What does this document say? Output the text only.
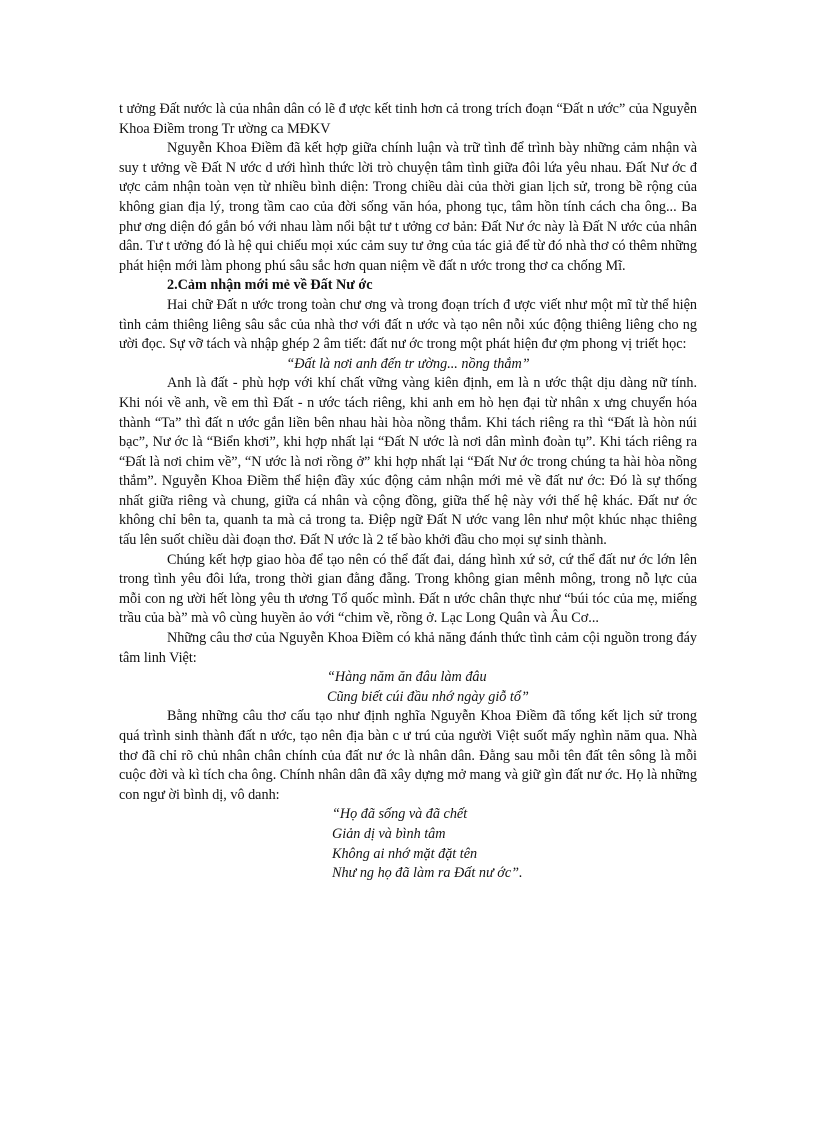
t ưởng Đất nước là của nhân dân có lẽ đ ược kết tinh hơn cả trong trích đoạn “Đất n ước” của Nguyễn Khoa Điềm trong Tr ường ca MĐKV

Nguyễn Khoa Điềm đã kết hợp giữa chính luận và trữ tình để trình bày những cảm nhận và suy t ưởng về Đất N ước d ưới hình thức lời trò chuyện tâm tình giữa đôi lứa yêu nhau. Đất Nư ớc đ ược cảm nhận toàn vẹn từ nhiều bình diện: Trong chiều dài của thời gian lịch sử, trong bề rộng của không gian địa lý, trong tầm cao của đời sống văn hóa, phong tục, tâm hồn tính cách cha ông... Ba phư ơng diện đó gắn bó với nhau làm nổi bật tư t ưởng cơ bản: Đất Nư ớc này là Đất N ước của nhân dân. Tư t ưởng đó là hệ qui chiếu mọi xúc cảm suy tư ởng của tác giả để từ đó nhà thơ có thêm những phát hiện mới làm phong phú sâu sắc hơn quan niệm về đất n ước trong thơ ca chống Mĩ.

2.Cảm nhận mới mẻ về Đất Nư ớc

Hai chữ Đất n ước trong toàn chư ơng và trong đoạn trích đ ược viết như một mĩ từ thể hiện tình cảm thiêng liêng sâu sắc của nhà thơ với đất n ước và tạo nên nỗi xúc động thiêng liêng cho ng ười đọc. Sự vỡ tách và nhập ghép 2 âm tiết: đất nư ớc trong một phát hiện đư ợm phong vị triết học:

“Đất là nơi anh đến tr ường... nồng thắm”

Anh là đất - phù hợp với khí chất vững vàng kiên định, em là n ước thật dịu dàng nữ tính. Khi nói về anh, về em thì Đất - n ước tách riêng, khi anh em hò hẹn đại từ nhân x ưng chuyển hóa thành “Ta” thì đất n ước gắn liền bên nhau hài hòa nồng thắm. Khi tách riêng ra thì “Đất là hòn núi bạc”, Nư ớc là “Biển khơi”, khi hợp nhất lại “Đất N ước là nơi dân mình đoàn tụ”. Khi tách riêng ra “Đất là nơi chim về”, “N ước là nơi rồng ở” khi hợp nhất lại “Đất Nư ớc trong chúng ta hài hòa nồng thắm”. Nguyễn Khoa Điềm thể hiện đầy xúc động cảm nhận mới mẻ về đất nư ớc: Đó là sự thống nhất giữa riêng và chung, giữa cá nhân và cộng đồng, giữa thế hệ này với thế hệ khác. Đất nư ớc không chỉ bên ta, quanh ta mà cả trong ta. Điệp ngữ Đất N ước vang lên như một khúc nhạc thiêng tấu lên suốt chiều dài đoạn thơ. Đất N ước là 2 tế bào khởi đầu cho mọi sự sinh thành.

Chúng kết hợp giao hòa để tạo nên có thể đất đai, dáng hình xứ sở, cứ thể đất nư ớc lớn lên trong tình yêu đôi lứa, trong thời gian đằng đẵng. Trong không gian mênh mông, trong nỗ lực của mỗi con ng ười hết lòng yêu th ương Tổ quốc mình. Đất n ước chân thực như “búi tóc của mẹ, miếng trầu của bà” mà vô cùng huyền ảo với “chim về, rồng ở. Lạc Long Quân và Âu Cơ...

Những câu thơ của Nguyễn Khoa Điềm có khả năng đánh thức tình cảm cội nguồn trong đáy tâm linh Việt:

“Hàng năm ăn đâu làm đâu
Cũng biết cúi đầu nhớ ngày giỗ tổ”

Bằng những câu thơ cấu tạo như định nghĩa Nguyễn Khoa Điềm đã tổng kết lịch sử trong quá trình sinh thành đất n ước, tạo nên địa bàn c ư trú của người Việt suốt mấy nghìn năm qua. Nhà thơ đã chỉ rõ chủ nhân chân chính của đất nư ớc là nhân dân. Đằng sau mỗi tên đất tên sông là mỗi cuộc đời và kì tích cha ông. Chính nhân dân đã xây dựng mở mang và giữ gìn đất nư ớc. Họ là những con ngư ời bình dị, vô danh:

“Họ đã sống và đã chết
Giản dị và bình tâm
Không ai nhớ mặt đặt tên
Như ng họ đã làm ra Đất nư ớc”.
